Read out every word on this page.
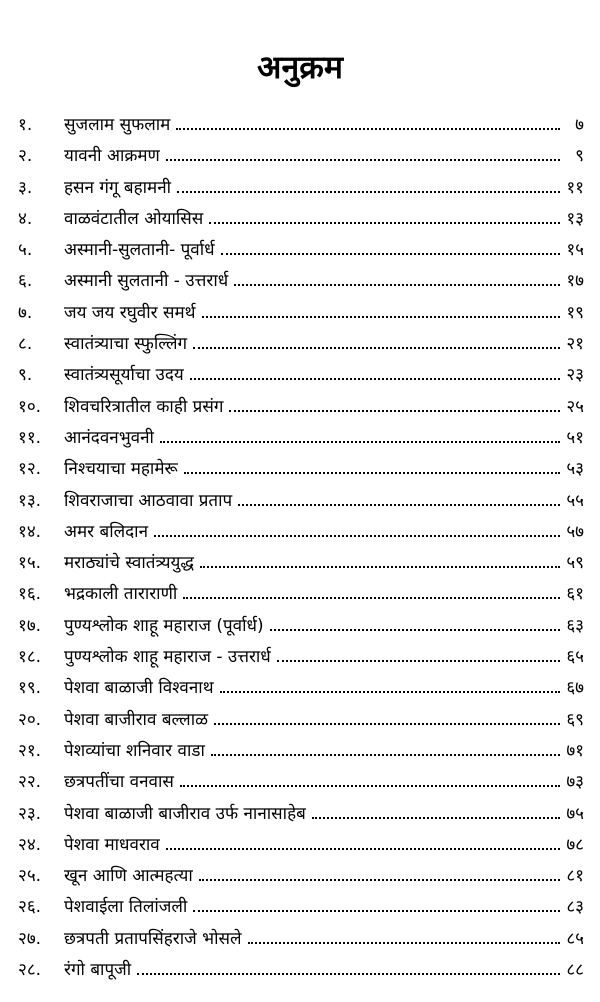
अनुक्रम
१.	सुजलाम सुफलाम	७
२.	यावनी आक्रमण	९
३.	हसन गंगू बहामनी	११
४.	वाळवंटातील ओयासिस	१३
५.	अस्मानी-सुलतानी- पूर्वार्ध	१५
६.	अस्मानी सुलतानी - उत्तरार्ध	१७
७.	जय जय रघुवीर समर्थ	१९
८.	स्वातंत्र्याचा स्फुल्लिंग	२१
९.	स्वातंत्र्यसूर्याचा उदय	२३
१०.	शिवचरित्रातील काही प्रसंग	२५
११.	आनंदवनभुवनी	५१
१२.	निश्चयाचा महामेरू	५३
१३.	शिवराजाचा आठवावा प्रताप	५५
१४.	अमर बलिदान	५७
१५.	मराठ्यांचे स्वातंत्र्ययुद्ध	५९
१६.	भद्रकाली ताराराणी	६१
१७.	पुण्यश्लोक शाहू महाराज (पूर्वार्ध)	६३
१८.	पुण्यश्लोक शाहू महाराज - उत्तरार्ध	६५
१९.	पेशवा बाळाजी विश्वनाथ	६७
२०.	पेशवा बाजीराव बल्लाळ	६९
२१.	पेशव्यांचा शनिवार वाडा	७१
२२.	छत्रपतींचा वनवास	७३
२३.	पेशवा बाळाजी बाजीराव उर्फ नानासाहेब	७५
२४.	पेशवा माधवराव	७८
२५.	खून आणि आत्महत्या	८१
२६.	पेशवाईला तिलांजली	८३
२७.	छत्रपती प्रतापसिंहराजे भोसले	८५
२८.	रंगो बापूजी	८८
